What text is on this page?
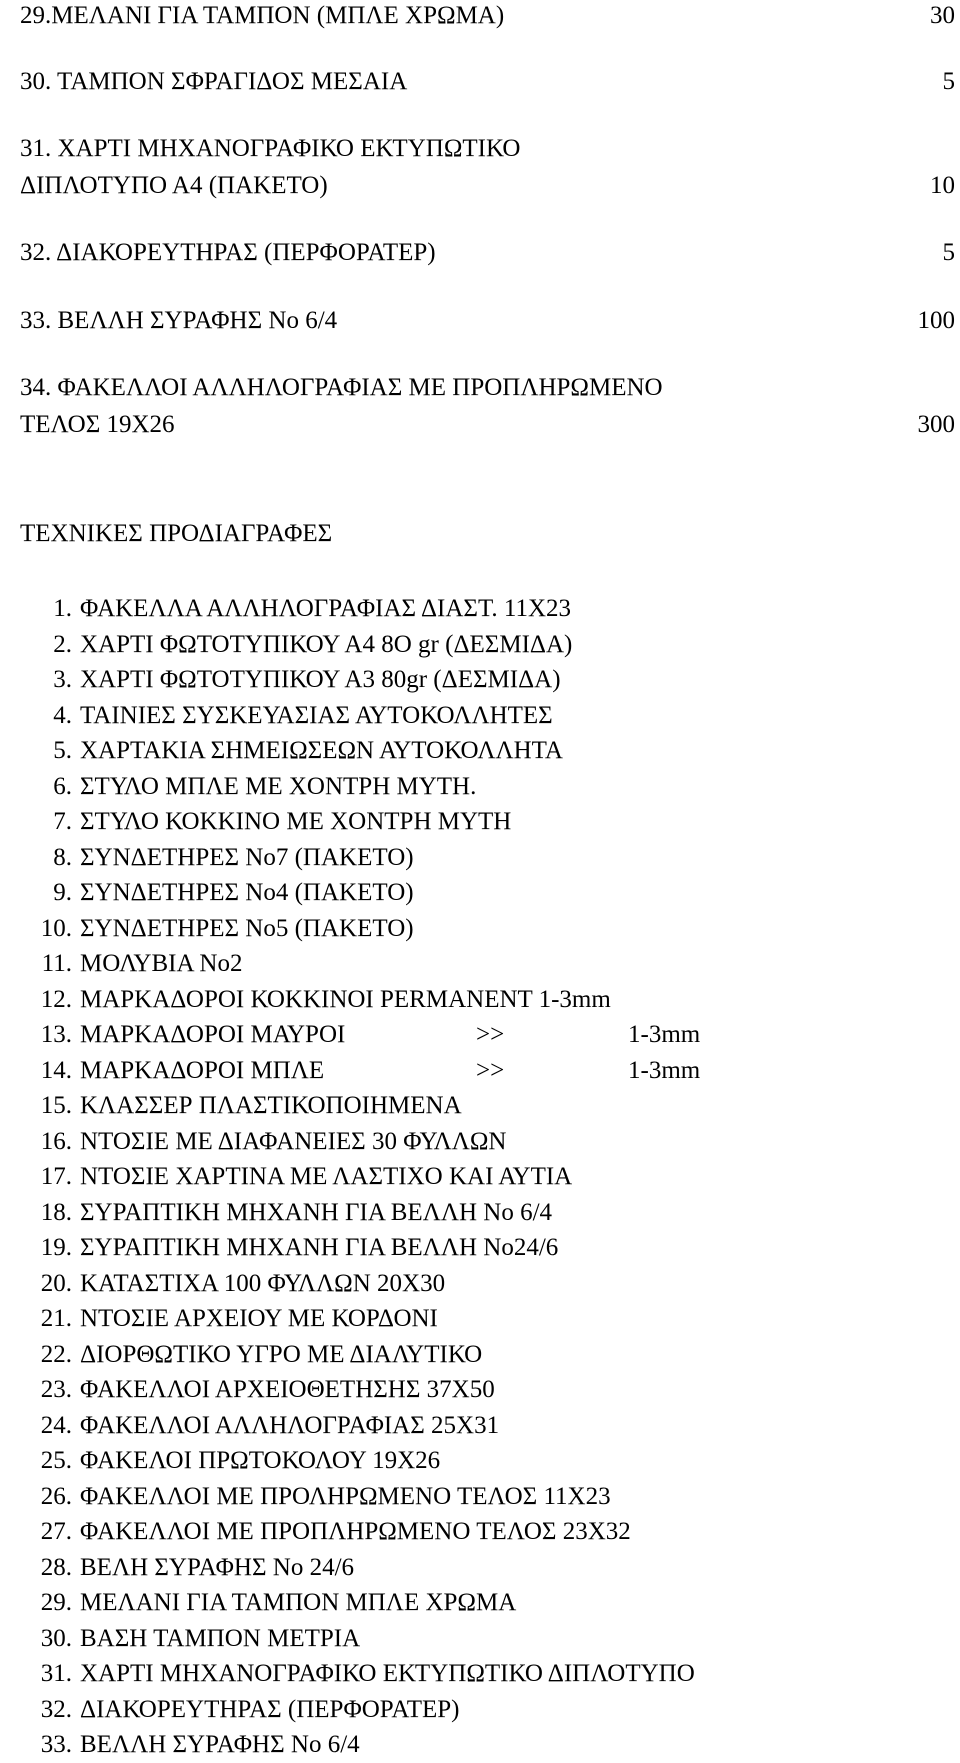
29.ΜΕΛΑΝΙ ΓΙΑ ΤΑΜΠΟΝ (ΜΠΛΕ ΧΡΩΜΑ)	30
30. ΤΑΜΠΟΝ ΣΦΡΑΓΙΔΟΣ ΜΕΣΑΙΑ	5
31. ΧΑΡΤΙ ΜΗΧΑΝΟΓΡΑΦΙΚΟ ΕΚΤΥΠΩΤΙΚΟ
ΔΙΠΛΟΤΥΠΟ Α4 (ΠΑΚΕΤΟ)	10
32. ΔΙΑΚΟΡΕΥΤΗΡΑΣ (ΠΕΡΦΟΡΑΤΕΡ)	5
33. ΒΕΛΛΗ ΣΥΡΑΦΗΣ Νο 6/4	100
34. ΦΑΚΕΛΛΟΙ ΑΛΛΗΛΟΓΡΑΦΙΑΣ ΜΕ ΠΡΟΠΛΗΡΩΜΕΝΟ
ΤΕΛΟΣ 19Χ26	300
ΤΕΧΝΙΚΕΣ ΠΡΟΔΙΑΓΡΑΦΕΣ
1. ΦΑΚΕΛΛΑ ΑΛΛΗΛΟΓΡΑΦΙΑΣ ΔΙΑΣΤ. 11Χ23
2. ΧΑΡΤΙ ΦΩΤΟΤΥΠΙΚΟΥ Α4 8Ο gr (ΔΕΣΜΙΔΑ)
3. ΧΑΡΤΙ ΦΩΤΟΤΥΠΙΚΟΥ Α3 80gr (ΔΕΣΜΙΔΑ)
4. ΤΑΙΝΙΕΣ ΣΥΣΚΕΥΑΣΙΑΣ ΑΥΤΟΚΟΛΛΗΤΕΣ
5. ΧΑΡΤΑΚΙΑ ΣΗΜΕΙΩΣΕΩΝ ΑΥΤΟΚΟΛΛΗΤΑ
6. ΣΤΥΛΟ ΜΠΛΕ ΜΕ ΧΟΝΤΡΗ ΜΥΤΗ.
7. ΣΤΥΛΟ ΚΟΚΚΙΝΟ ΜΕ ΧΟΝΤΡΗ ΜΥΤΗ
8. ΣΥΝΔΕΤΗΡΕΣ Νο7 (ΠΑΚΕΤΟ)
9. ΣΥΝΔΕΤΗΡΕΣ Νο4 (ΠΑΚΕΤΟ)
10. ΣΥΝΔΕΤΗΡΕΣ Νο5 (ΠΑΚΕΤΟ)
11. ΜΟΛΥΒΙΑ Νο2
12. ΜΑΡΚΑΔΟΡΟΙ ΚΟΚΚΙΝΟΙ PERMANENT 1-3mm
13. ΜΑΡΚΑΔΟΡΟΙ ΜΑΥΡΟΙ	>>	1-3mm
14. ΜΑΡΚΑΔΟΡΟΙ ΜΠΛΕ	>>	1-3mm
15. ΚΛΑΣΣΕΡ ΠΛΑΣΤΙΚΟΠΟΙΗΜΕΝΑ
16. ΝΤΟΣΙΕ ΜΕ ΔΙΑΦΑΝΕΙΕΣ 30 ΦΥΛΛΩΝ
17. ΝΤΟΣΙΕ ΧΑΡΤΙΝΑ ΜΕ ΛΑΣΤΙΧΟ ΚΑΙ ΑΥΤΙΑ
18. ΣΥΡΑΠΤΙΚΗ ΜΗΧΑΝΗ ΓΙΑ ΒΕΛΛΗ Νο 6/4
19. ΣΥΡΑΠΤΙΚΗ ΜΗΧΑΝΗ ΓΙΑ ΒΕΛΛΗ Νο24/6
20. ΚΑΤΑΣΤΙΧΑ 100 ΦΥΛΛΩΝ 20Χ30
21. ΝΤΟΣΙΕ ΑΡΧΕΙΟΥ ΜΕ ΚΟΡΔΟΝΙ
22. ΔΙΟΡΘΩΤΙΚΟ ΥΓΡΟ ΜΕ ΔΙΑΛΥΤΙΚΟ
23. ΦΑΚΕΛΛΟΙ ΑΡΧΕΙΟΘΕΤΗΣΗΣ 37Χ50
24. ΦΑΚΕΛΛΟΙ ΑΛΛΗΛΟΓΡΑΦΙΑΣ 25Χ31
25. ΦΑΚΕΛΟΙ ΠΡΩΤΟΚΟΛΟΥ 19Χ26
26. ΦΑΚΕΛΛΟΙ ΜΕ ΠΡΟΛΗΡΩΜΕΝΟ ΤΕΛΟΣ 11Χ23
27. ΦΑΚΕΛΛΟΙ ΜΕ ΠΡΟΠΛΗΡΩΜΕΝΟ ΤΕΛΟΣ 23Χ32
28. ΒΕΛΗ ΣΥΡΑΦΗΣ Νο 24/6
29. ΜΕΛΑΝΙ ΓΙΑ ΤΑΜΠΟΝ ΜΠΛΕ ΧΡΩΜΑ
30. ΒΑΣΗ ΤΑΜΠΟΝ ΜΕΤΡΙΑ
31. ΧΑΡΤΙ ΜΗΧΑΝΟΓΡΑΦΙΚΟ ΕΚΤΥΠΩΤΙΚΟ ΔΙΠΛΟΤΥΠΟ
32. ΔΙΑΚΟΡΕΥΤΗΡΑΣ (ΠΕΡΦΟΡΑΤΕΡ)
33. ΒΕΛΛΗ ΣΥΡΑΦΗΣ Νο 6/4
